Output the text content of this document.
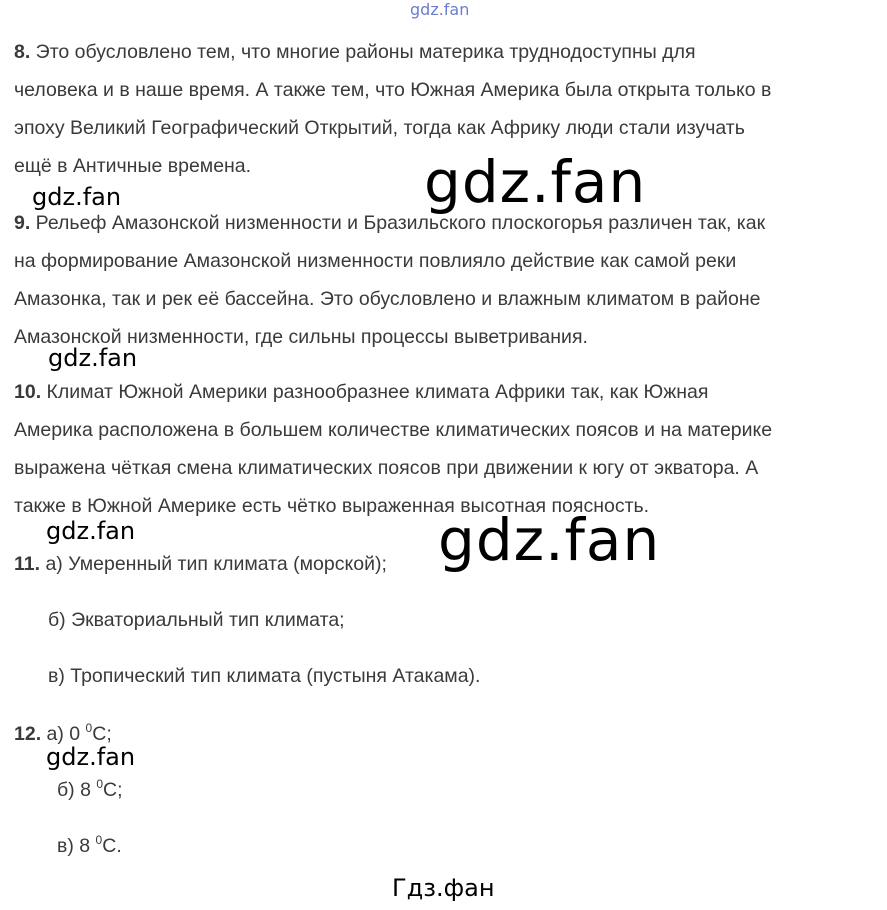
gdz.fan
8. Это обусловлено тем, что многие районы материка труднодоступны для
человека и в наше время. А также тем, что Южная Америка была открыта только в
эпоху Великий Географический Открытий, тогда как Африку люди стали изучать
ещё в Античные времена.
9. Рельеф Амазонской низменности и Бразильского плоскогорья различен так, как
на формирование Амазонской низменности повлияло действие как самой реки
Амазонка, так и рек её бассейна. Это обусловлено и влажным климатом в районе
Амазонской низменности, где сильны процессы выветривания.
10. Климат Южной Америки разнообразнее климата Африки так, как Южная
Америка расположена в большем количестве климатических поясов и на материке
выражена чёткая смена климатических поясов при движении к югу от экватора. А
также в Южной Америке есть чётко выраженная высотная поясность.
11. а) Умеренный тип климата (морской);
б) Экваториальный тип климата;
в) Тропический тип климата (пустыня Атакама).
12. а) 0 $^0$С;
б) 8 $^0$С;
в) 8 $^0$С.
gdz.fan
gdz.fan
gdz.fan
gdz.fan
gdz.fan
gdz.fan
Гдз.фан
